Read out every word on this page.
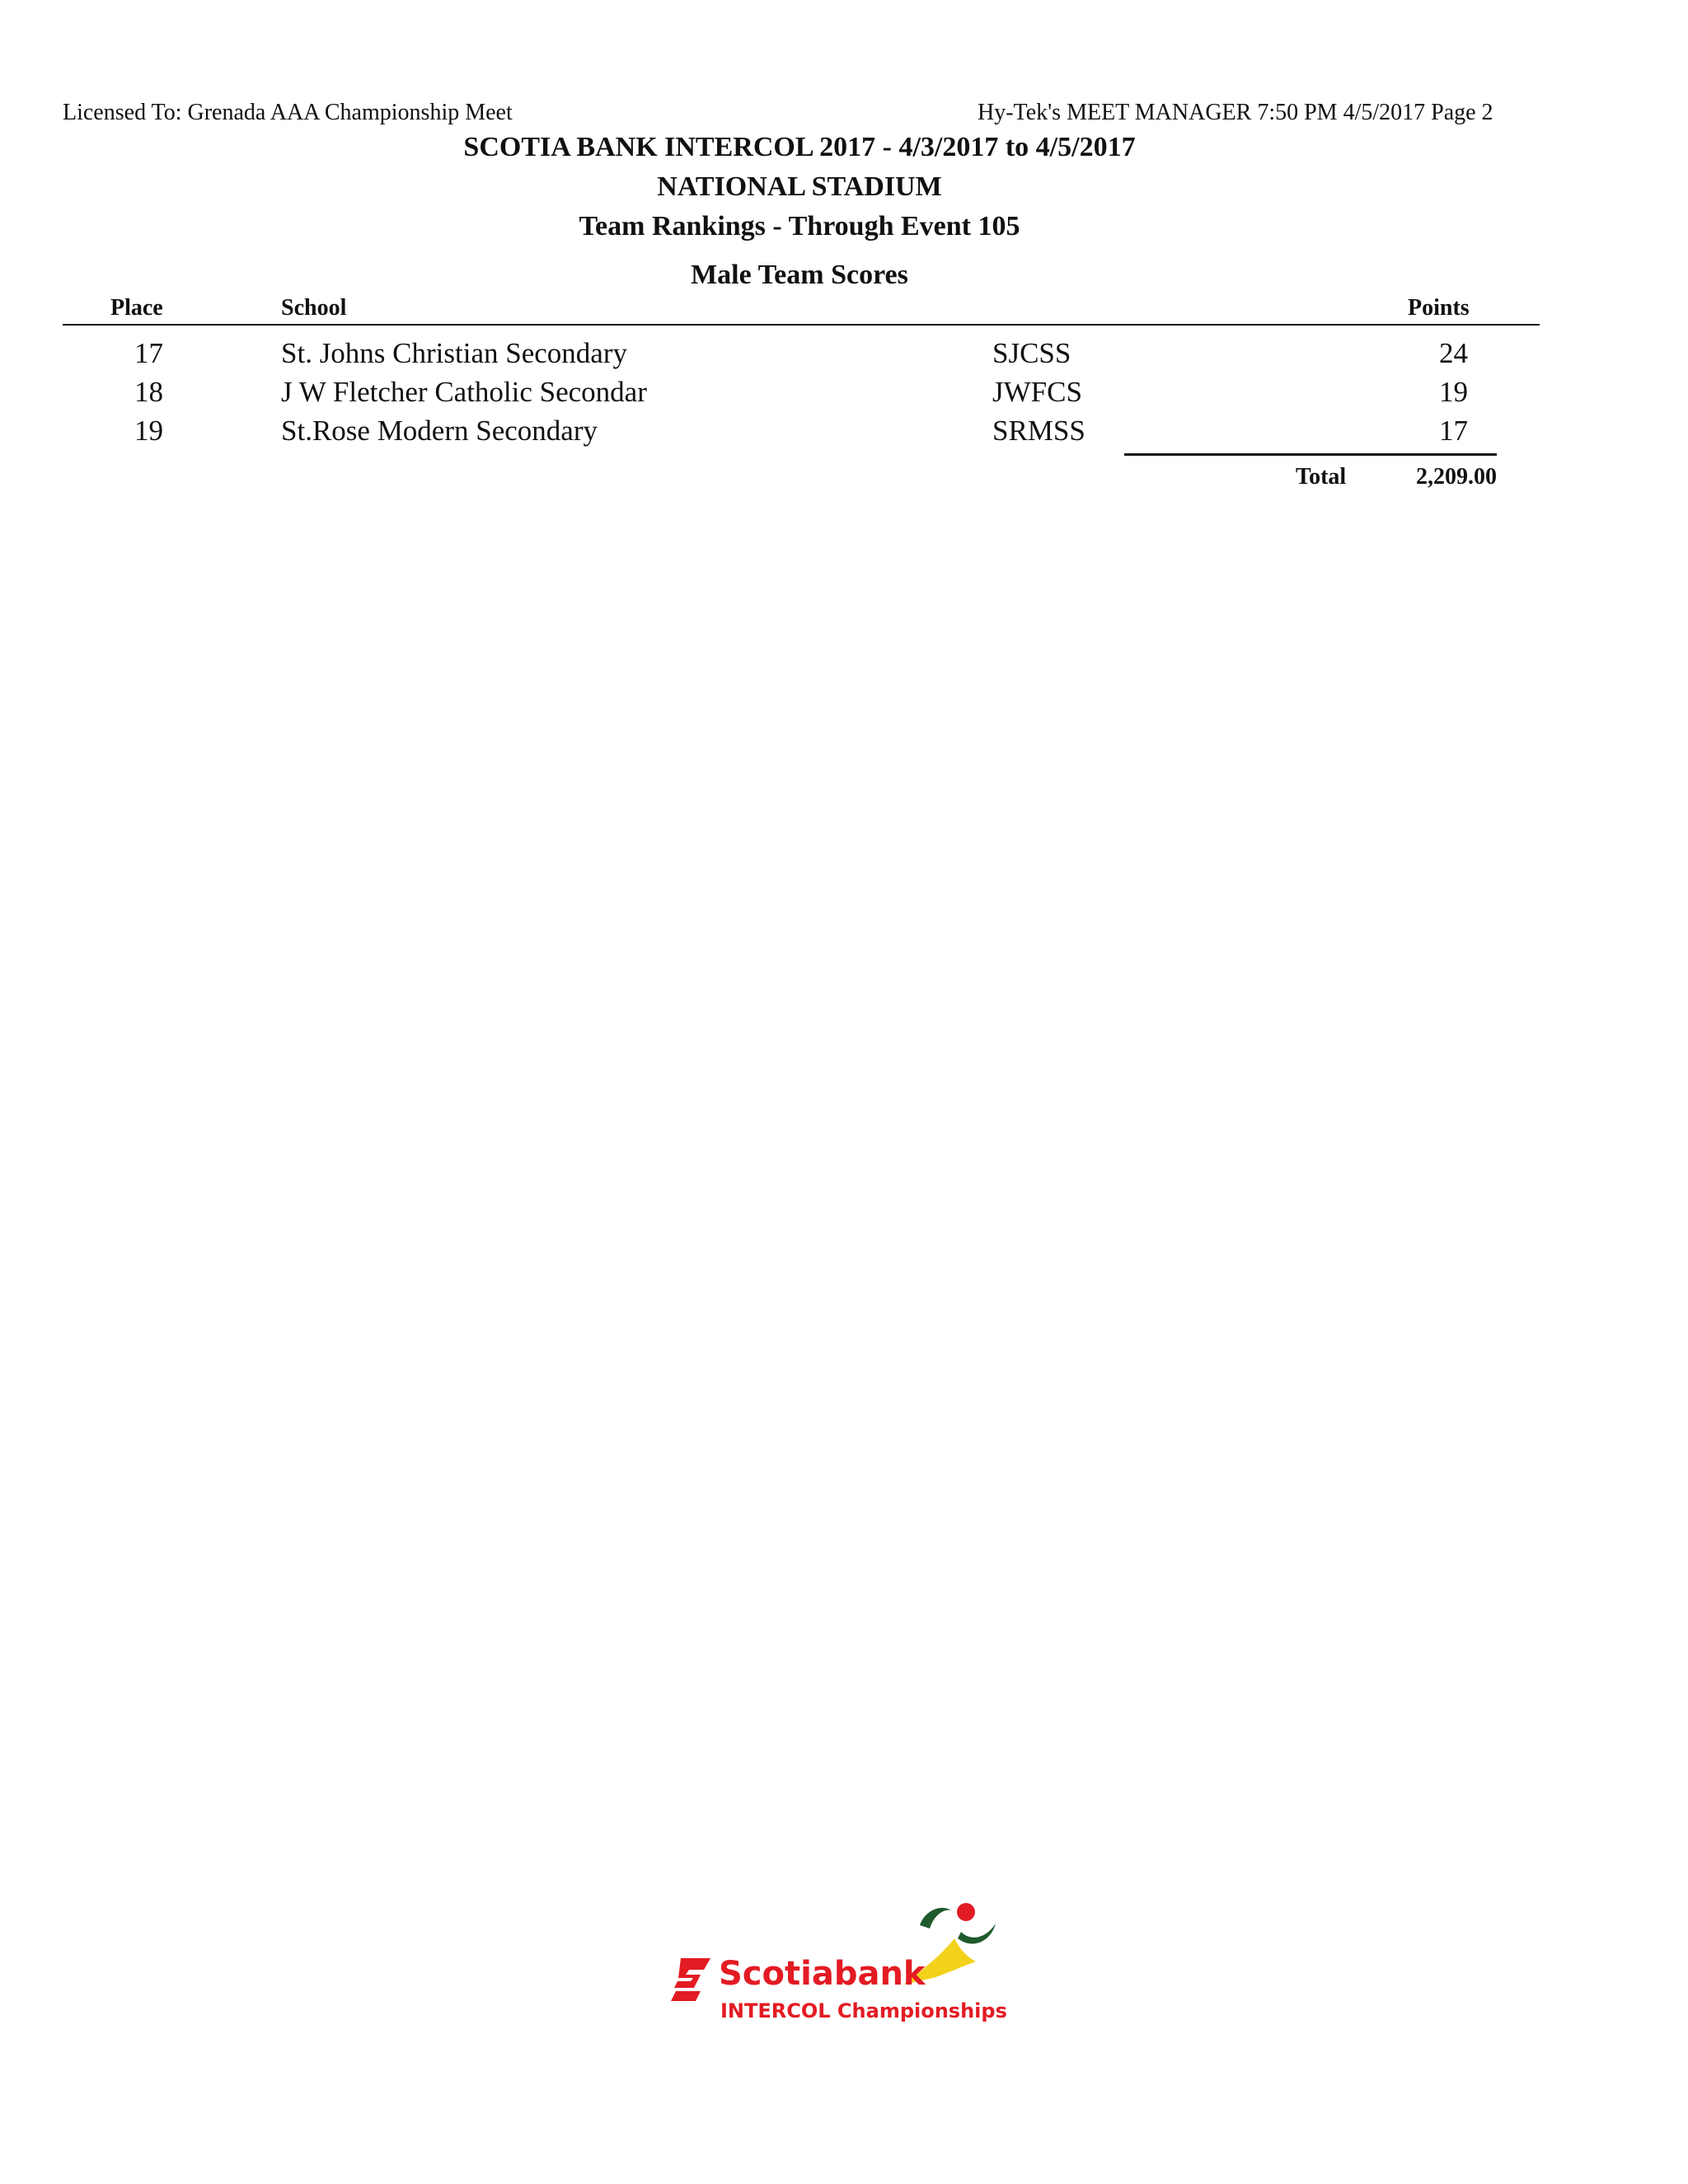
Licensed To: Grenada AAA Championship Meet	Hy-Tek's MEET MANAGER 7:50 PM 4/5/2017 Page 2
SCOTIA BANK INTERCOL 2017 - 4/3/2017 to 4/5/2017
NATIONAL STADIUM
Team Rankings - Through Event 105
Male Team Scores
Place	School	Points
17	St. Johns Christian Secondary	SJCSS	24
18	J W Fletcher Catholic Secondar	JWFCS	19
19	St.Rose Modern Secondary	SRMSS	17
Total	2,209.00
Scotiabank
INTERCOL Championships
